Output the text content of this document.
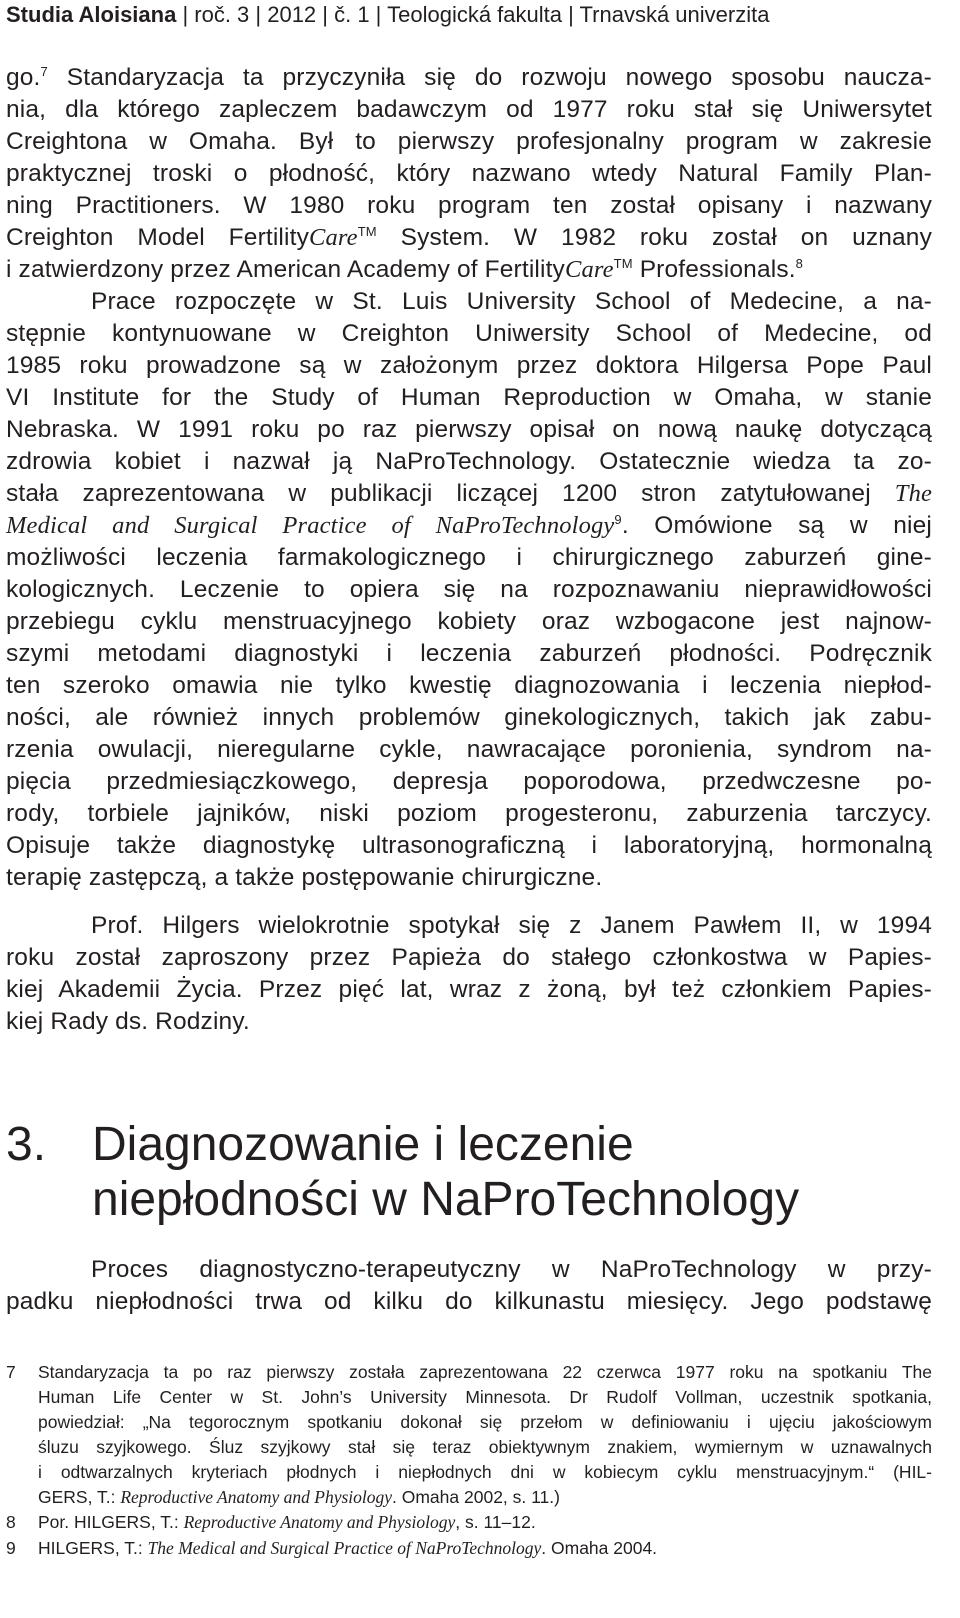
Studia Aloisiana | roč. 3 | 2012 | č. 1 | Teologická fakulta | Trnavská univerzita
go.$^7$ Standaryzacja ta przyczyniła się do rozwoju nowego sposobu naucza-
nia, dla którego zapleczem badawczym od 1977 roku stał się Uniwersytet
Creightona w Omaha. Był to pierwszy profesjonalny program w zakresie
praktycznej troski o płodność, który nazwano wtedy Natural Family Plan-
ning Practitioners. W 1980 roku program ten został opisany i nazwany
Creighton Model FertilityCare™ System. W 1982 roku został on uznany
i zatwierdzony przez American Academy of FertilityCare™ Professionals.$^8$
Prace rozpoczęte w St. Luis University School of Medecine, a na-
stępnie kontynuowane w Creighton Uniwersity School of Medecine, od
1985 roku prowadzone są w założonym przez doktora Hilgersa Pope Paul
VI Institute for the Study of Human Reproduction w Omaha, w stanie
Nebraska. W 1991 roku po raz pierwszy opisał on nową naukę dotyczącą
zdrowia kobiet i nazwał ją NaProTechnology. Ostatecznie wiedza ta zo-
stała zaprezentowana w publikacji liczącej 1200 stron zatytułowanej The
Medical and Surgical Practice of NaProTechnology$^9$. Omówione są w niej
możliwości leczenia farmakologicznego i chirurgicznego zaburzeń gine-
kologicznych. Leczenie to opiera się na rozpoznawaniu nieprawidłowości
przebiegu cyklu menstruacyjnego kobiety oraz wzbogacone jest najnow-
szymi metodami diagnostyki i leczenia zaburzeń płodności. Podręcznik
ten szeroko omawia nie tylko kwestię diagnozowania i leczenia niepłod-
ności, ale również innych problemów ginekologicznych, takich jak zabu-
rzenia owulacji, nieregularne cykle, nawracające poronienia, syndrom na-
pięcia przedmiesiączkowego, depresja poporodowa, przedwczesne po-
rody, torbiele jajników, niski poziom progesteronu, zaburzenia tarczycy.
Opisuje także diagnostykę ultrasonograficzną i laboratoryjną, hormonalną
terapię zastępczą, a także postępowanie chirurgiczne.
Prof. Hilgers wielokrotnie spotykał się z Janem Pawłem II, w 1994
roku został zaproszony przez Papieża do stałego członkostwa w Papies-
kiej Akademii Życia. Przez pięć lat, wraz z żoną, był też członkiem Papies-
kiej Rady ds. Rodziny.
3. Diagnozowanie i leczenie
niepłodności w NaProTechnology
Proces diagnostyczno-terapeutyczny w NaProTechnology w przy-
padku niepłodności trwa od kilku do kilkunastu miesięcy. Jego podstawę
7 Standaryzacja ta po raz pierwszy została zaprezentowana 22 czerwca 1977 roku na spotkaniu The
Human Life Center w St. John’s University Minnesota. Dr Rudolf Vollman, uczestnik spotkania,
powiedział: „Na tegorocznym spotkaniu dokonał się przełom w definiowaniu i ujęciu jakościowym
śluzu szyjkowego. Śluz szyjkowy stał się teraz obiektywnym znakiem, wymiernym w uznawalnych
i odtwarzalnych kryteriach płodnych i niepłodnych dni w kobiecym cyklu menstruacyjnym.“ (HIL-
GERS, T.: Reproductive Anatomy and Physiology. Omaha 2002, s. 11.)
8 Por. HILGERS, T.: Reproductive Anatomy and Physiology, s. 11–12.
9 HILGERS, T.: The Medical and Surgical Practice of NaProTechnology. Omaha 2004.
